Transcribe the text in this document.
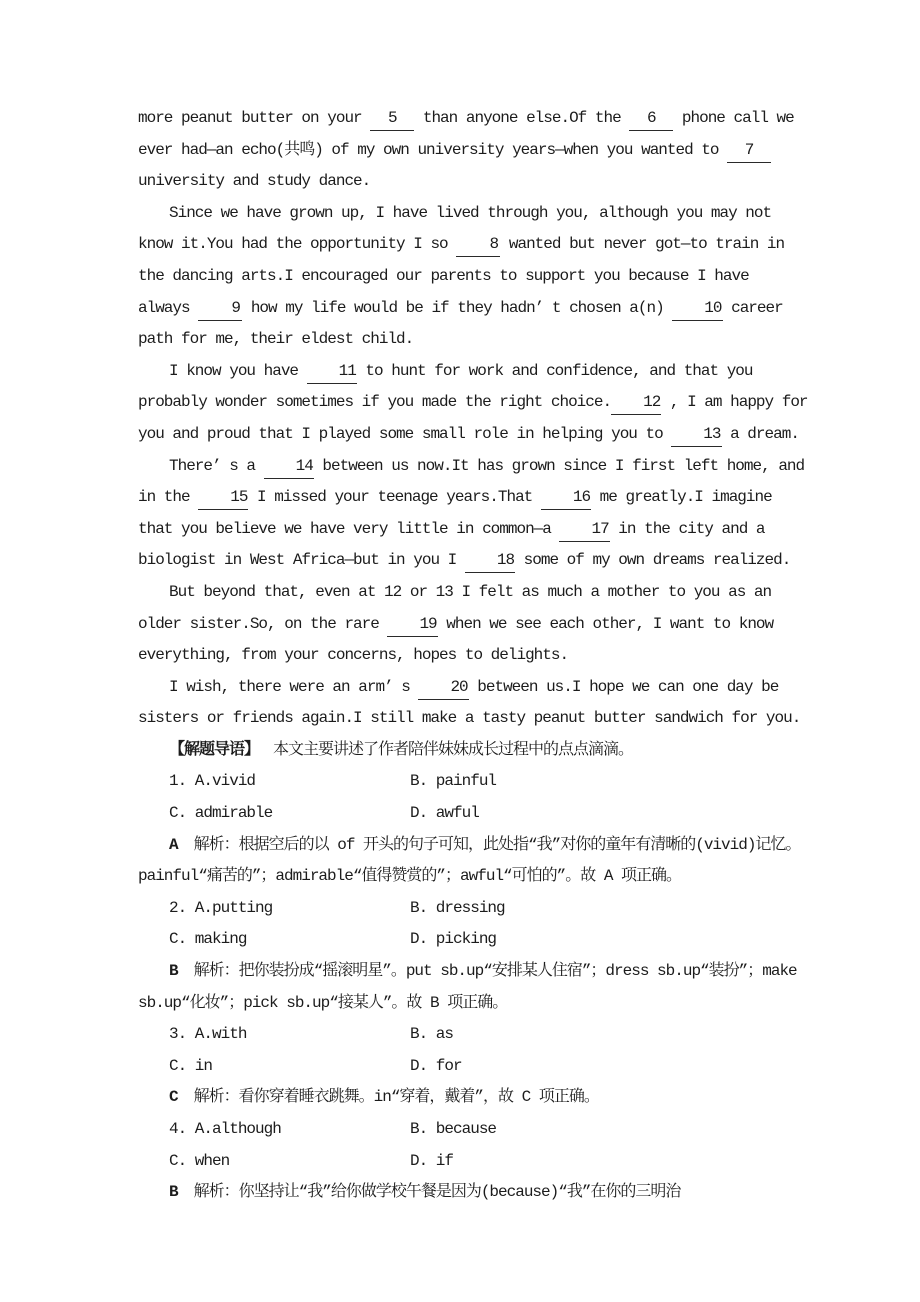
more peanut butter on your 5 than anyone else.Of the 6 phone call we ever had—an echo(共鸣) of my own university years—when you wanted to 7 university and study dance.

Since we have grown up, I have lived through you, although you may not know it.You had the opportunity I so 8 wanted but never got—to train in the dancing arts.I encouraged our parents to support you because I have always 9 how my life would be if they hadn’ t chosen a(n) 10 career path for me, their eldest child.

I know you have 11 to hunt for work and confidence, and that you probably wonder sometimes if you made the right choice. 12 , I am happy for you and proud that I played some small role in helping you to 13 a dream.

There’ s a 14 between us now.It has grown since I first left home, and in the 15 I missed your teenage years.That 16 me greatly.I imagine that you believe we have very little in common—a 17 in the city and a biologist in West Africa—but in you I 18 some of my own dreams realized.

But beyond that, even at 12 or 13 I felt as much a mother to you as an older sister.So, on the rare 19 when we see each other, I want to know everything, from your concerns, hopes to delights.

I wish, there were an arm’ s 20 between us.I hope we can one day be sisters or friends again.I still make a tasty peanut butter sandwich for you.

【解题导语】 本文主要讲述了作者陪伴妹妹成长过程中的点点滴滴。

1. A.vivid	B. painful
C. admirable	D. awful

A 解析：根据空后的以 of 开头的句子可知，此处指“我”对你的童年有清晰的(vivid)记忆。painful“痛苦的”；admirable“值得赞赏的”；awful“可怕的”。故 A 项正确。

2. A.putting	B. dressing
C. making	D. picking

B 解析：把你装扮成“摇滚明星”。put sb.up“安排某人住宿”；dress sb.up“装扮”；make sb.up“化妆”；pick sb.up“接某人”。故 B 项正确。

3. A.with	B. as
C. in	D. for

C 解析：看你穿着睡衣跳舞。in“穿着，戴着”，故 C 项正确。

4. A.although	B. because
C. when	D. if

B 解析：你坚持让“我”给你做学校午餐是因为(because)“我”在你的三明治
